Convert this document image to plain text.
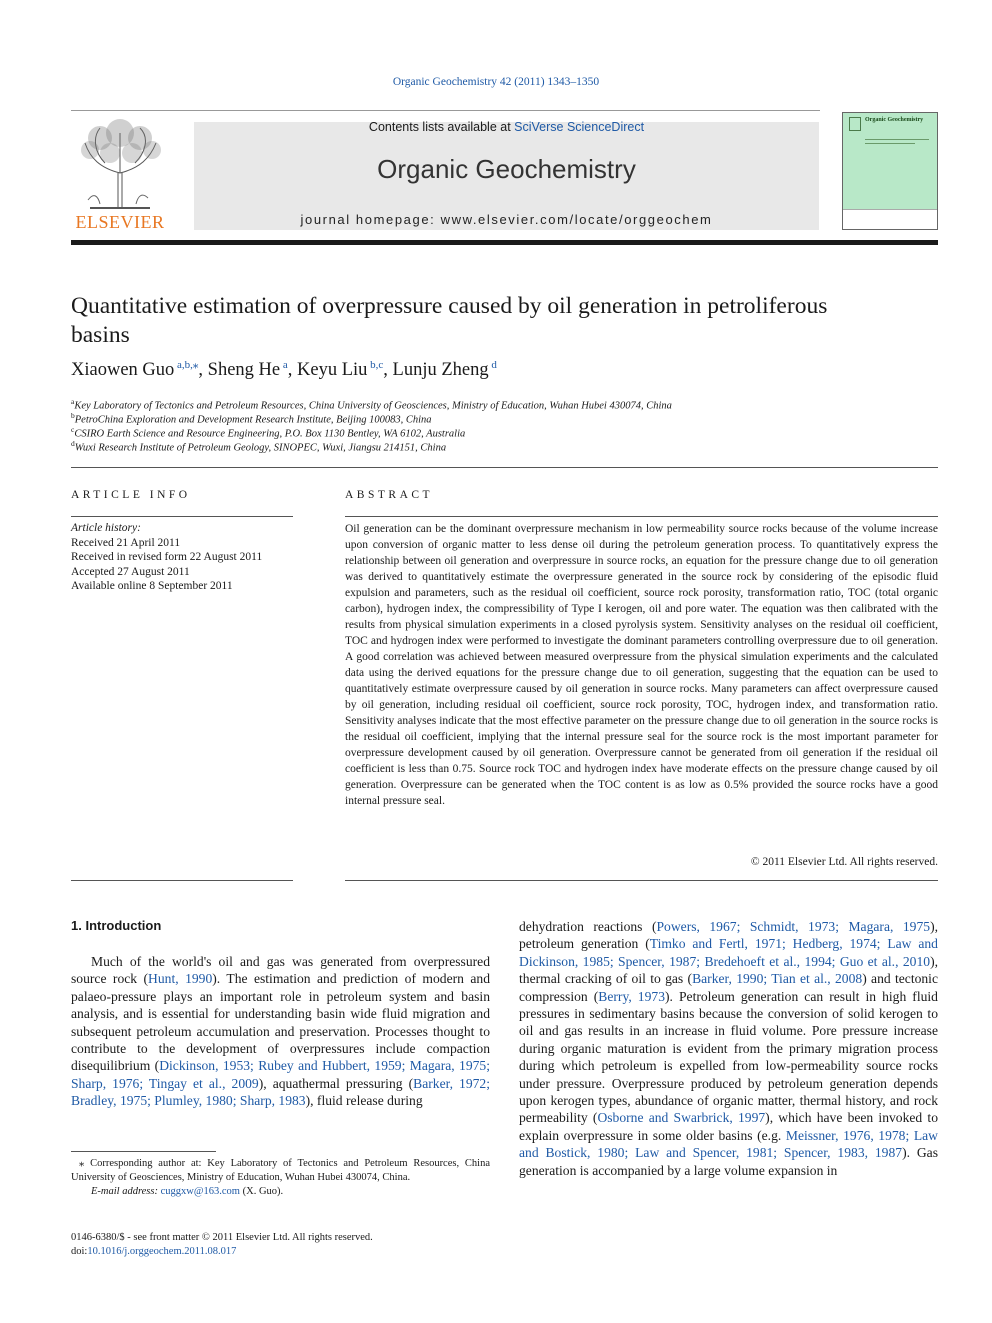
Organic Geochemistry 42 (2011) 1343–1350
ELSEVIER
Contents lists available at SciVerse ScienceDirect
Organic Geochemistry
journal homepage: www.elsevier.com/locate/orggeochem
Organic Geochemistry
Quantitative estimation of overpressure caused by oil generation in petroliferous basins
Xiaowen Guo $^{a,b,⁎}$, Sheng He $^a$, Keyu Liu $^{b,c}$, Lunju Zheng $^d$
$^a$Key Laboratory of Tectonics and Petroleum Resources, China University of Geosciences, Ministry of Education, Wuhan Hubei 430074, China
$^b$PetroChina Exploration and Development Research Institute, Beijing 100083, China
$^c$CSIRO Earth Science and Resource Engineering, P.O. Box 1130 Bentley, WA 6102, Australia
$^d$Wuxi Research Institute of Petroleum Geology, SINOPEC, Wuxi, Jiangsu 214151, China
ARTICLE INFO	ABSTRACT
Article history:
Received 21 April 2011
Received in revised form 22 August 2011
Accepted 27 August 2011
Available online 8 September 2011
Oil generation can be the dominant overpressure mechanism in low permeability source rocks because of the volume increase upon conversion of organic matter to less dense oil during the petroleum generation process. To quantitatively express the relationship between oil generation and overpressure in source rocks, an equation for the pressure change due to oil generation was derived to quantitatively estimate the overpressure generated in the source rock by considering of the episodic fluid expulsion and parameters, such as the residual oil coefficient, source rock porosity, transformation ratio, TOC (total organic carbon), hydrogen index, the compressibility of Type I kerogen, oil and pore water. The equation was then calibrated with the results from physical simulation experiments in a closed pyrolysis system. Sensitivity analyses on the residual oil coefficient, TOC and hydrogen index were performed to investigate the dominant parameters controlling overpressure due to oil generation. A good correlation was achieved between measured overpressure from the physical simulation experiments and the calculated data using the derived equations for the pressure change due to oil generation, suggesting that the equation can be used to quantitatively estimate overpressure caused by oil generation in source rocks. Many parameters can affect overpressure caused by oil generation, including residual oil coefficient, source rock porosity, TOC, hydrogen index, and transformation ratio. Sensitivity analyses indicate that the most effective parameter on the pressure change due to oil generation in the source rocks is the residual oil coefficient, implying that the internal pressure seal for the source rock is the most important parameter for overpressure development caused by oil generation. Overpressure cannot be generated from oil generation if the residual oil coefficient is less than 0.75. Source rock TOC and hydrogen index have moderate effects on the pressure change caused by oil generation. Overpressure can be generated when the TOC content is as low as 0.5% provided the source rocks have a good internal pressure seal.
© 2011 Elsevier Ltd. All rights reserved.
1. Introduction
Much of the world's oil and gas was generated from overpressured source rock (Hunt, 1990). The estimation and prediction of modern and palaeo-pressure plays an important role in petroleum system and basin analysis, and is essential for understanding basin wide fluid migration and subsequent petroleum accumulation and preservation. Processes thought to contribute to the development of overpressures include compaction disequilibrium (Dickinson, 1953; Rubey and Hubbert, 1959; Magara, 1975; Sharp, 1976; Tingay et al., 2009), aquathermal pressuring (Barker, 1972; Bradley, 1975; Plumley, 1980; Sharp, 1983), fluid release during
dehydration reactions (Powers, 1967; Schmidt, 1973; Magara, 1975), petroleum generation (Timko and Fertl, 1971; Hedberg, 1974; Law and Dickinson, 1985; Spencer, 1987; Bredehoeft et al., 1994; Guo et al., 2010), thermal cracking of oil to gas (Barker, 1990; Tian et al., 2008) and tectonic compression (Berry, 1973). Petroleum generation can result in high fluid pressures in sedimentary basins because the conversion of solid kerogen to oil and gas results in an increase in fluid volume. Pore pressure increase during organic maturation is evident from the primary migration process during which petroleum is expelled from low-permeability source rocks under pressure. Overpressure produced by petroleum generation depends upon kerogen types, abundance of organic matter, thermal history, and rock permeability (Osborne and Swarbrick, 1997), which have been invoked to explain overpressure in some older basins (e.g. Meissner, 1976, 1978; Law and Bostick, 1980; Law and Spencer, 1981; Spencer, 1983, 1987). Gas generation is accompanied by a large volume expansion in
⁎ Corresponding author at: Key Laboratory of Tectonics and Petroleum Resources, China University of Geosciences, Ministry of Education, Wuhan Hubei 430074, China.
E-mail address: cuggxw@163.com (X. Guo).
0146-6380/$ - see front matter © 2011 Elsevier Ltd. All rights reserved.
doi:10.1016/j.orggeochem.2011.08.017
